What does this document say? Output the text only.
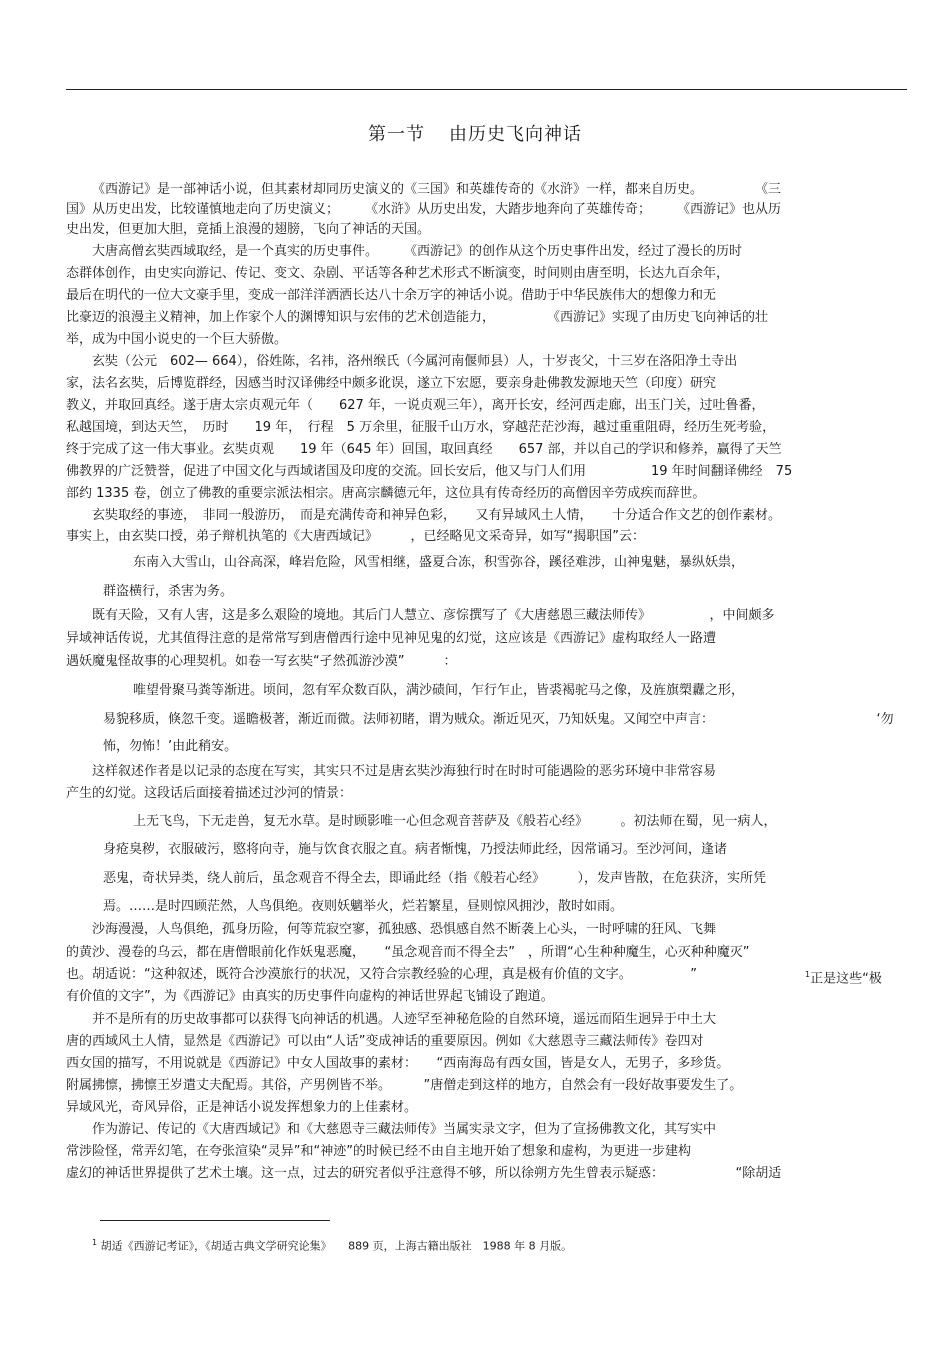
第一节 由历史飞向神话
《西游记》是一部神话小说，但其素材却同历史演义的《三国》和英雄传奇的《水浒》一样，都来自历史。　　　　　《三
国》从历史出发，比较谨慎地走向了历史演义；　　　《水浒》从历史出发，大踏步地奔向了英雄传奇；　　　《西游记》也从历
史出发，但更加大胆，竟插上浪漫的翅膀，飞向了神话的天国。
大唐高僧玄奘西域取经，是一个真实的历史事件。　　　《西游记》的创作从这个历史事件出发，经过了漫长的历时
态群体创作，由史实向游记、传记、变文、杂剧、平话等各种艺术形式不断演变，时间则由唐至明，长达九百余年，
最后在明代的一位大文豪手里，变成一部洋洋洒洒长达八十余万字的神话小说。借助于中华民族伟大的想像力和无
比豪迈的浪漫主义精神，加上作家个人的渊博知识与宏伟的艺术创造能力，　　　　　《西游记》实现了由历史飞向神话的壮
举，成为中国小说史的一个巨大骄傲。
玄奘（公元　602— 664），俗姓陈，名祎，洛州缑氏（今属河南偃师县）人，十岁丧父，十三岁在洛阳净土寺出
家，法名玄奘，后博览群经，因感当时汉译佛经中颇多讹误，遂立下宏愿，要亲身赴佛教发源地天竺（印度）研究
教义，并取回真经。遂于唐太宗贞观元年（　　627 年，一说贞观三年），离开长安，经河西走廊，出玉门关，过吐鲁番，
私越国境，到达天竺，　历时　　19 年，　行程　5 万余里，征服千山万水，穿越茫茫沙海，越过重重阻碍，经历生死考验，
终于完成了这一伟大事业。玄奘贞观　　19 年（645 年）回国，取回真经　　657 部，并以自己的学识和修养，赢得了天竺
佛教界的广泛赞誉，促进了中国文化与西域诸国及印度的交流。回长安后，他又与门人们用　　　　　19 年时间翻译佛经　75
部约 1335 卷，创立了佛教的重要宗派法相宗。唐高宗麟德元年，这位具有传奇经历的高僧因辛劳成疾而辞世。
玄奘取经的事迹，　非同一般游历，　而是充满传奇和神异色彩，　　又有异域风土人情，　　十分适合作文艺的创作素材。
事实上，由玄奘口授，弟子辩机执笔的《大唐西域记》　　　，已经略见文采奇异，如写“揭职国”云：
东南入大雪山，山谷高深，峰岩危险，风雪相继，盛夏合冻，积雪弥谷，蹊径难涉，山神鬼魅，暴纵妖祟，
群盗横行，杀害为务。
既有天险，又有人害，这是多么艰险的境地。其后门人慧立、彦悰撰写了《大唐慈恩三藏法师传》　　　　　，中间颇多
异域神话传说，尤其值得注意的是常常写到唐僧西行途中见神见鬼的幻觉，这应该是《西游记》虚构取经人一路遭
遇妖魔鬼怪故事的心理契机。如卷一写玄奘“孑然孤游沙漠”　　　：
唯望骨聚马粪等渐进。顷间，忽有军众数百队，满沙碛间，乍行乍止，皆裘褐驼马之像，及旌旗槊纛之形，
易貌移质，倏忽千变。遥瞻极著，渐近而微。法师初睹，谓为贼众。渐近见灭，乃知妖鬼。又闻空中声言：　　　　　　　　　　　　　‘勿
怖，勿怖！’由此稍安。
这样叙述作者是以记录的态度在写实，其实只不过是唐玄奘沙海独行时在时时可能遇险的恶劣环境中非常容易
产生的幻觉。这段话后面接着描述过沙河的情景：
上无飞鸟，下无走兽，复无水草。是时顾影唯一心但念观音菩萨及《般若心经》　　　。初法师在蜀，见一病人，
身疮臭秽，衣服破污，愍将向寺，施与饮食衣服之直。病者惭愧，乃授法师此经，因常诵习。至沙河间，逢诸
恶鬼，奇状异类，绕人前后，虽念观音不得全去，即诵此经（指《般若心经》　　　），发声皆散，在危获济，实所凭
焉。……是时四顾茫然，人鸟俱绝。夜则妖魑举火，烂若繁星，昼则惊风拥沙，散时如雨。
沙海漫漫，人鸟俱绝，孤身历险，何等荒寂空寥，孤独感、恐惧感自然不断袭上心头，一时呼啸的狂风、飞舞
的黄沙、漫卷的乌云，都在唐僧眼前化作妖鬼恶魔，　　“虽念观音而不得全去”　，所谓“心生种种魔生，心灭种种魔灭”
也。胡适说：“这种叙述，既符合沙漠旅行的状况，又符合宗教经验的心理，真是极有价值的文字。　　　　　”	$^1$正是这些“极
有价值的文字”，为《西游记》由真实的历史事件向虚构的神话世界起飞铺设了跑道。
并不是所有的历史故事都可以获得飞向神话的机遇。人迹罕至神秘危险的自然环境，遥远而陌生迥异于中土大
唐的西域风土人情，显然是《西游记》可以由“人话”变成神话的重要原因。例如《大慈恩寺三藏法师传》卷四对
西女国的描写，不用说就是《西游记》中女人国故事的素材：　　“西南海岛有西女国，皆是女人，无男子，多珍货。
附属拂懔，拂懔王岁遣丈夫配焉。其俗，产男例皆不举。　　　”唐僧走到这样的地方，自然会有一段好故事要发生了。
异域风光，奇风异俗，正是神话小说发挥想象力的上佳素材。
作为游记、传记的《大唐西域记》和《大慈恩寺三藏法师传》当属实录文字，但为了宣扬佛教文化，其写实中
常涉险怪，常弄幻笔，在夸张渲染“灵异”和“神迹”的时候已经不由自主地开始了想象和虚构，为更进一步建构
虚幻的神话世界提供了艺术土壤。这一点，过去的研究者似乎注意得不够，所以徐朔方先生曾表示疑惑：　　　　　　“除胡适
$^1$ 胡适《西游记考证》，《胡适古典文学研究论集》　　889 页，上海古籍出版社　1988 年 8 月版。
